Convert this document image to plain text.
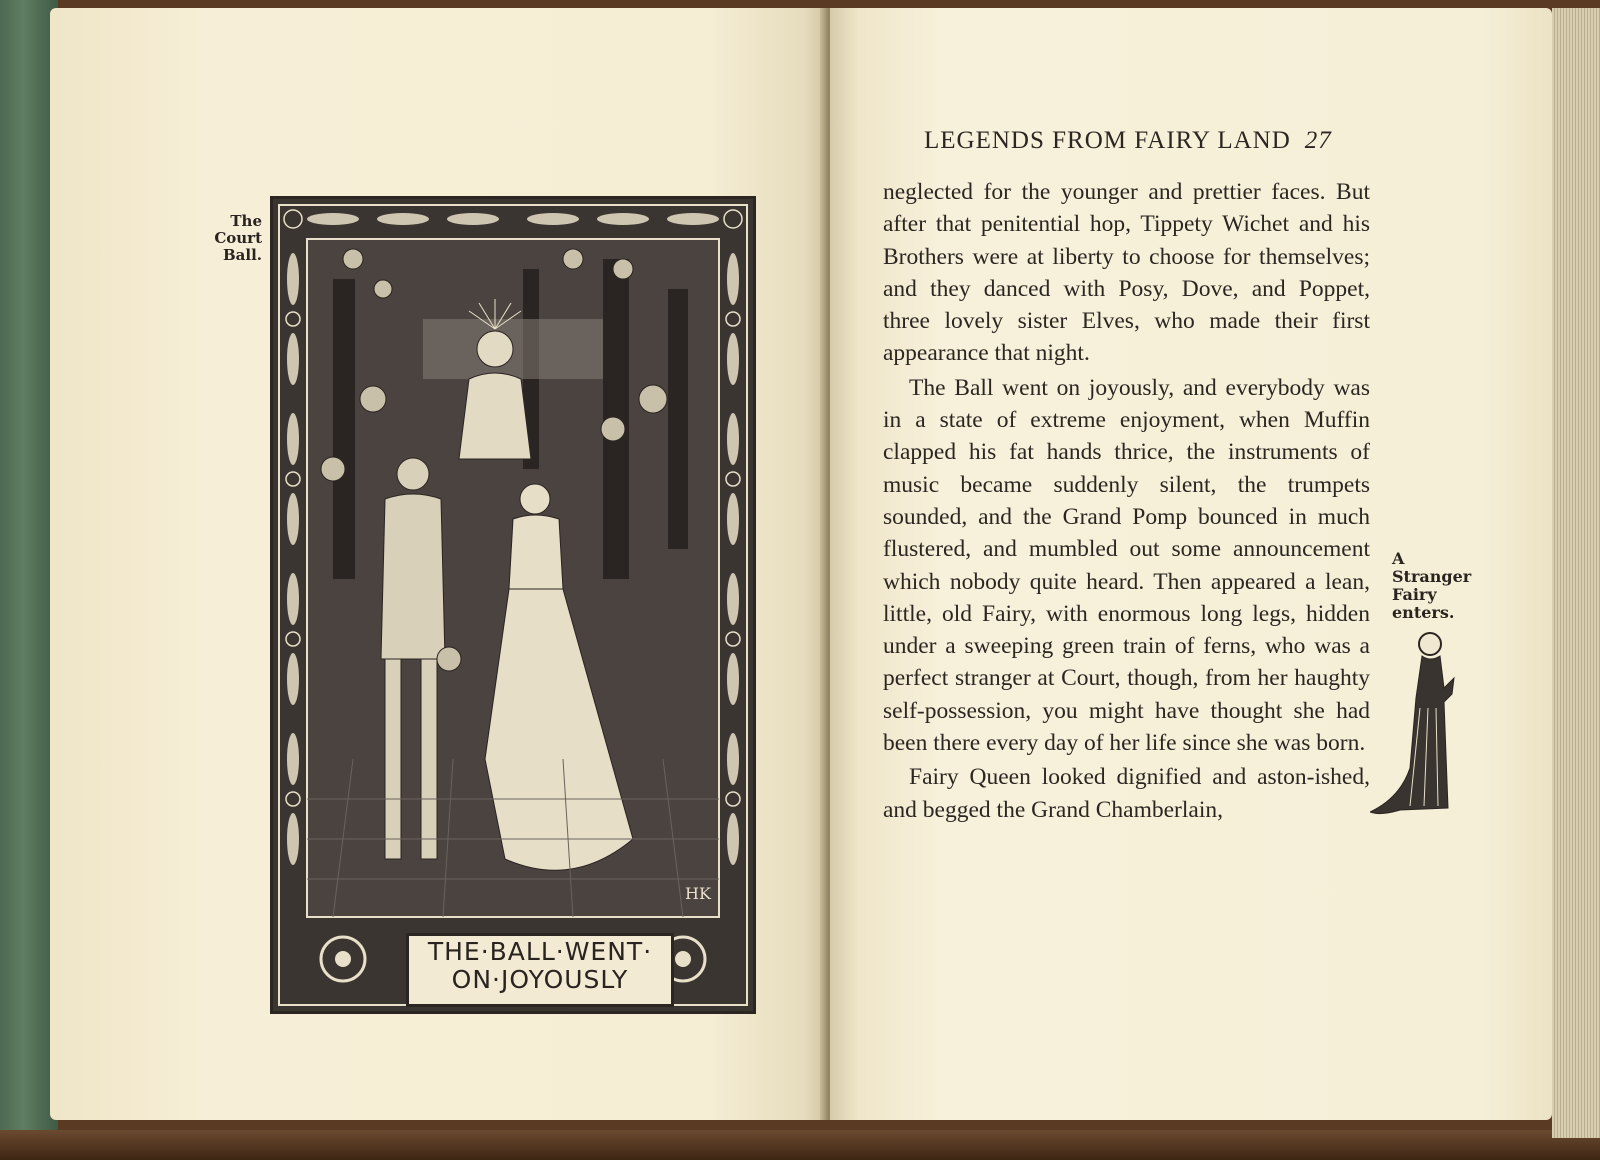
The
Court
Ball.
HK
THE·BALL·WENT·
ON·JOYOUSLY
LEGENDS FROM FAIRY LAND 27

neglected for the younger and prettier faces. But after that penitential hop, Tippety Wichet and his Brothers were at liberty to choose for themselves; and they danced with Posy, Dove, and Poppet, three lovely sister Elves, who made their first appearance that night.

The Ball went on joyously, and everybody was in a state of extreme enjoyment, when Muffin clapped his fat hands thrice, the instruments of music became suddenly silent, the trumpets sounded, and the Grand Pomp bounced in much flustered, and mumbled out some announcement which nobody quite heard. Then appeared a lean, little, old Fairy, with enormous long legs, hidden under a sweeping green train of ferns, who was a perfect stranger at Court, though, from her haughty self-possession, you might have thought she had been there every day of her life since she was born.

Fairy Queen looked dignified and aston-ished, and begged the Grand Chamberlain,

A
Stranger
Fairy
enters.
